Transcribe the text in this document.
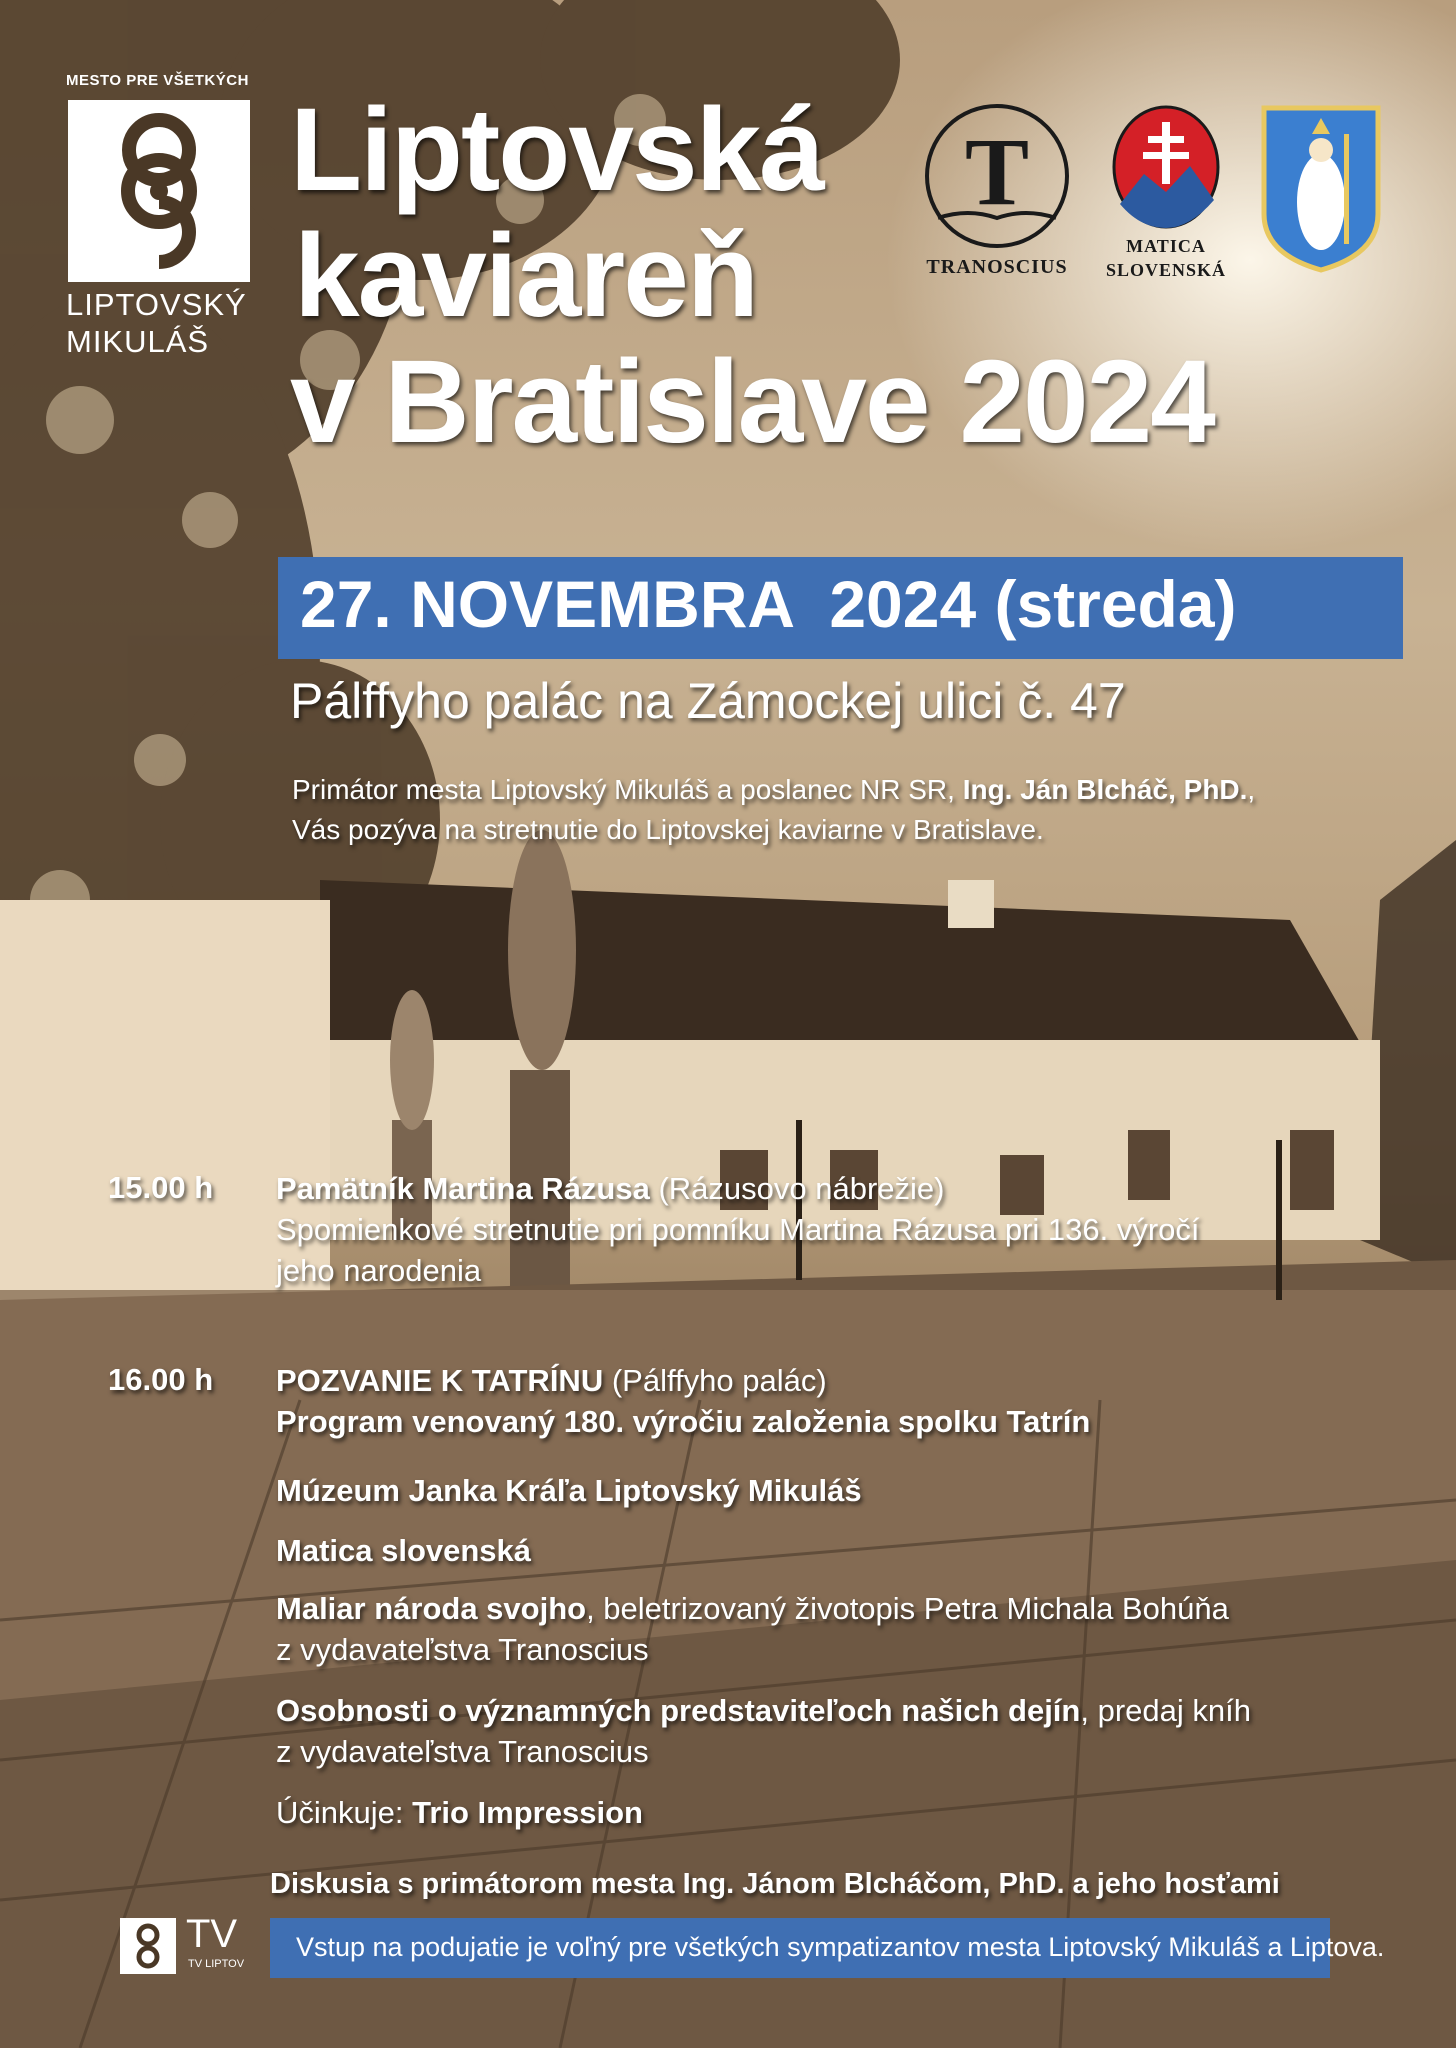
MESTO PRE VŠETKÝCH
LIPTOVSKÝ
MIKULÁŠ
Liptovská
kaviareň
v Bratislave 2024
T
TRANOSCIUS
MATICA
SLOVENSKÁ
27. NOVEMBRA  2024 (streda)
Pálffyho palác na Zámockej ulici č. 47
Primátor mesta Liptovský Mikuláš a poslanec NR SR, Ing. Ján Blcháč, PhD.,
Vás pozýva na stretnutie do Liptovskej kaviarne v Bratislave.
15.00 h Pamätník Martina Rázusa (Rázusovo nábrežie)
Spomienkové stretnutie pri pomníku Martina Rázusa pri 136. výročí
jeho narodenia
16.00 h POZVANIE K TATRÍNU (Pálffyho palác)
Program venovaný 180. výročiu založenia spolku Tatrín
Múzeum Janka Kráľa Liptovský Mikuláš
Matica slovenská
Maliar národa svojho, beletrizovaný životopis Petra Michala Bohúňa
z vydavateľstva Tranoscius
Osobnosti o významných predstaviteľoch našich dejín, predaj kníh
z vydavateľstva Tranoscius
Účinkuje: Trio Impression
Diskusia s primátorom mesta Ing. Jánom Blcháčom, PhD. a jeho hosťami
TV
TV LIPTOV
Vstup na podujatie je voľný pre všetkých sympatizantov mesta Liptovský Mikuláš a Liptova.
